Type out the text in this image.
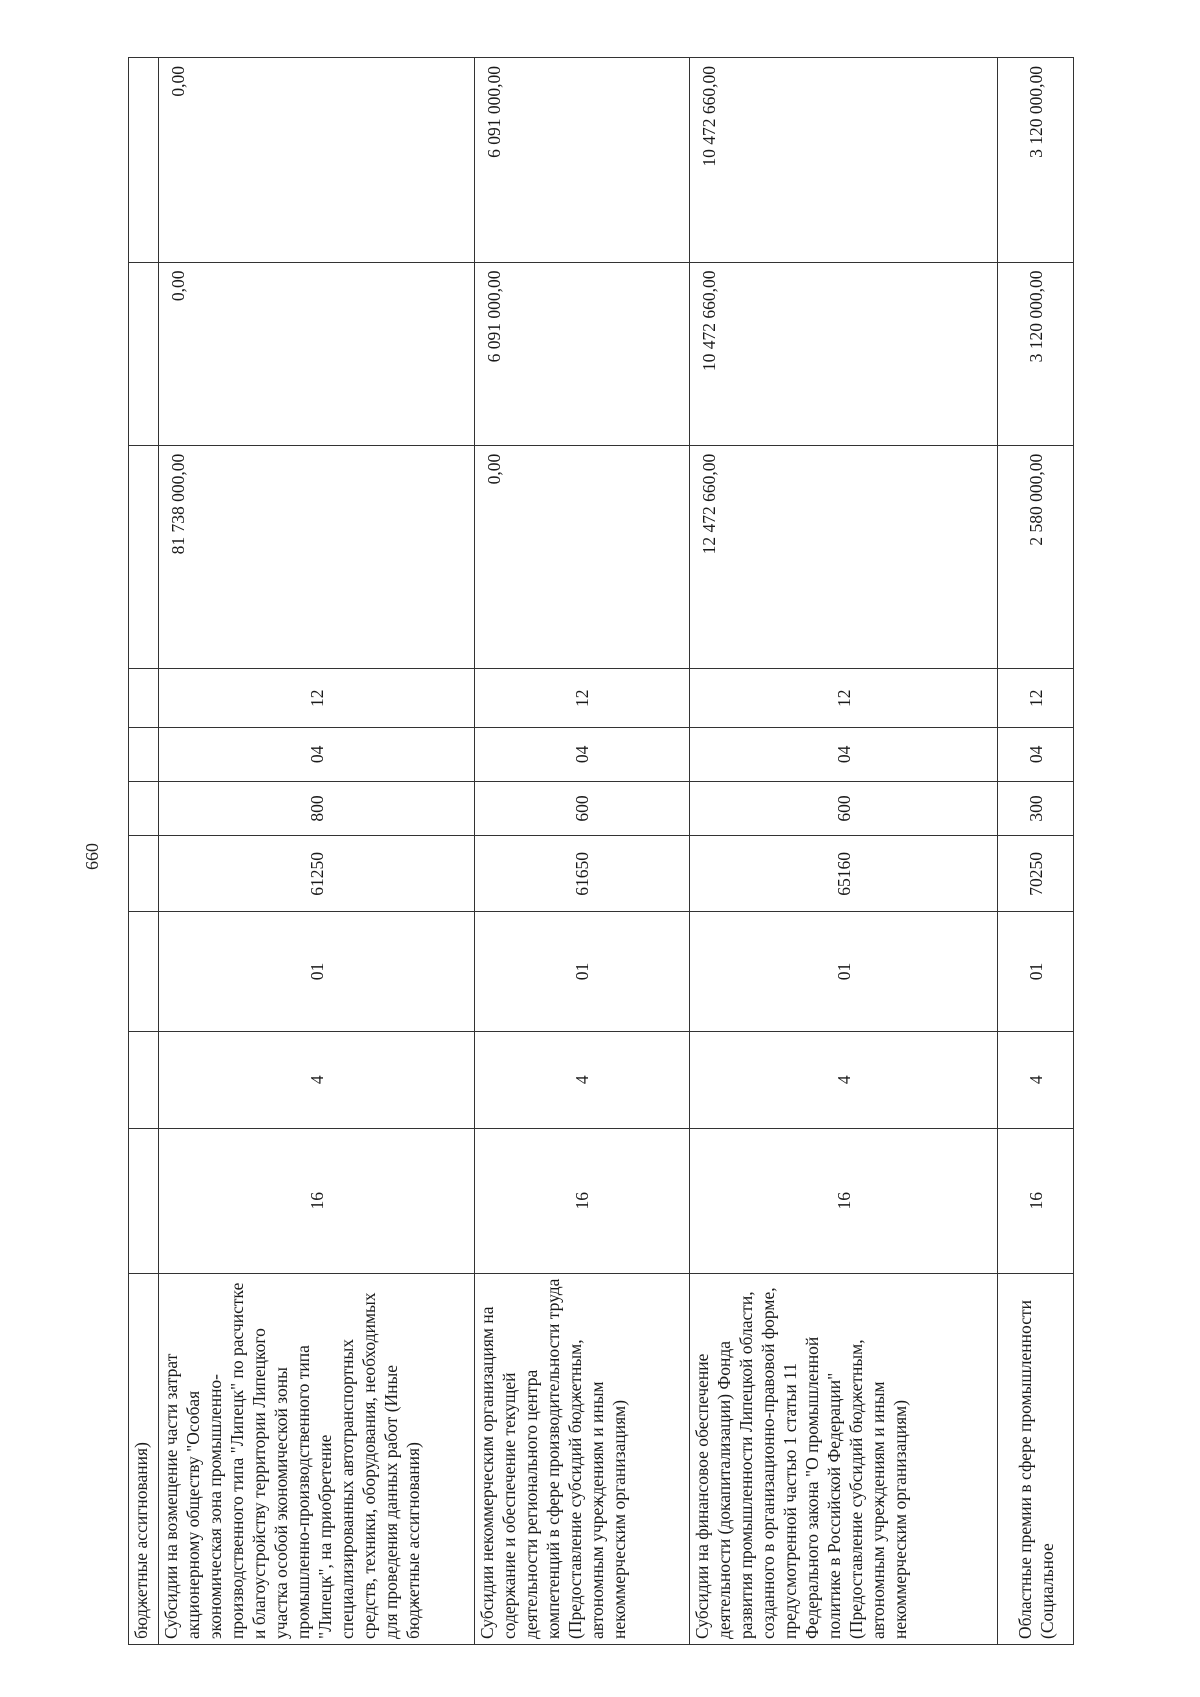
660
бюджетные ассигнования)										
Субсидии на возмещение части затрат акционерному обществу "Особая экономическая зона промышленно-производственного типа "Липецк" по расчистке и благоустройству территории Липецкого участка особой экономической зоны промышленно-производственного типа "Липецк", на приобретение специализированных автотранспортных средств, техники, оборудования, необходимых для проведения данных работ (Иные бюджетные ассигнования)	16	4	01	61250	800	04	12	81 738 000,00	0,00	0,00
Субсидии некоммерческим организациям на содержание и обеспечение текущей деятельности регионального центра компетенций в сфере производительности труда (Предоставление субсидий бюджетным, автономным учреждениям и иным некоммерческим организациям)	16	4	01	61650	600	04	12	0,00	6 091 000,00	6 091 000,00
Субсидии на финансовое обеспечение деятельности (докапитализации) Фонда развития промышленности Липецкой области, созданного в организационно-правовой форме, предусмотренной частью 1 статьи 11 Федерального закона "О промышленной политике в Российской Федерации" (Предоставление субсидий бюджетным, автономным учреждениям и иным некоммерческим организациям)	16	4	01	65160	600	04	12	12 472 660,00	10 472 660,00	10 472 660,00
Областные премии в сфере промышленности (Социальное	16	4	01	70250	300	04	12	2 580 000,00	3 120 000,00	3 120 000,00
